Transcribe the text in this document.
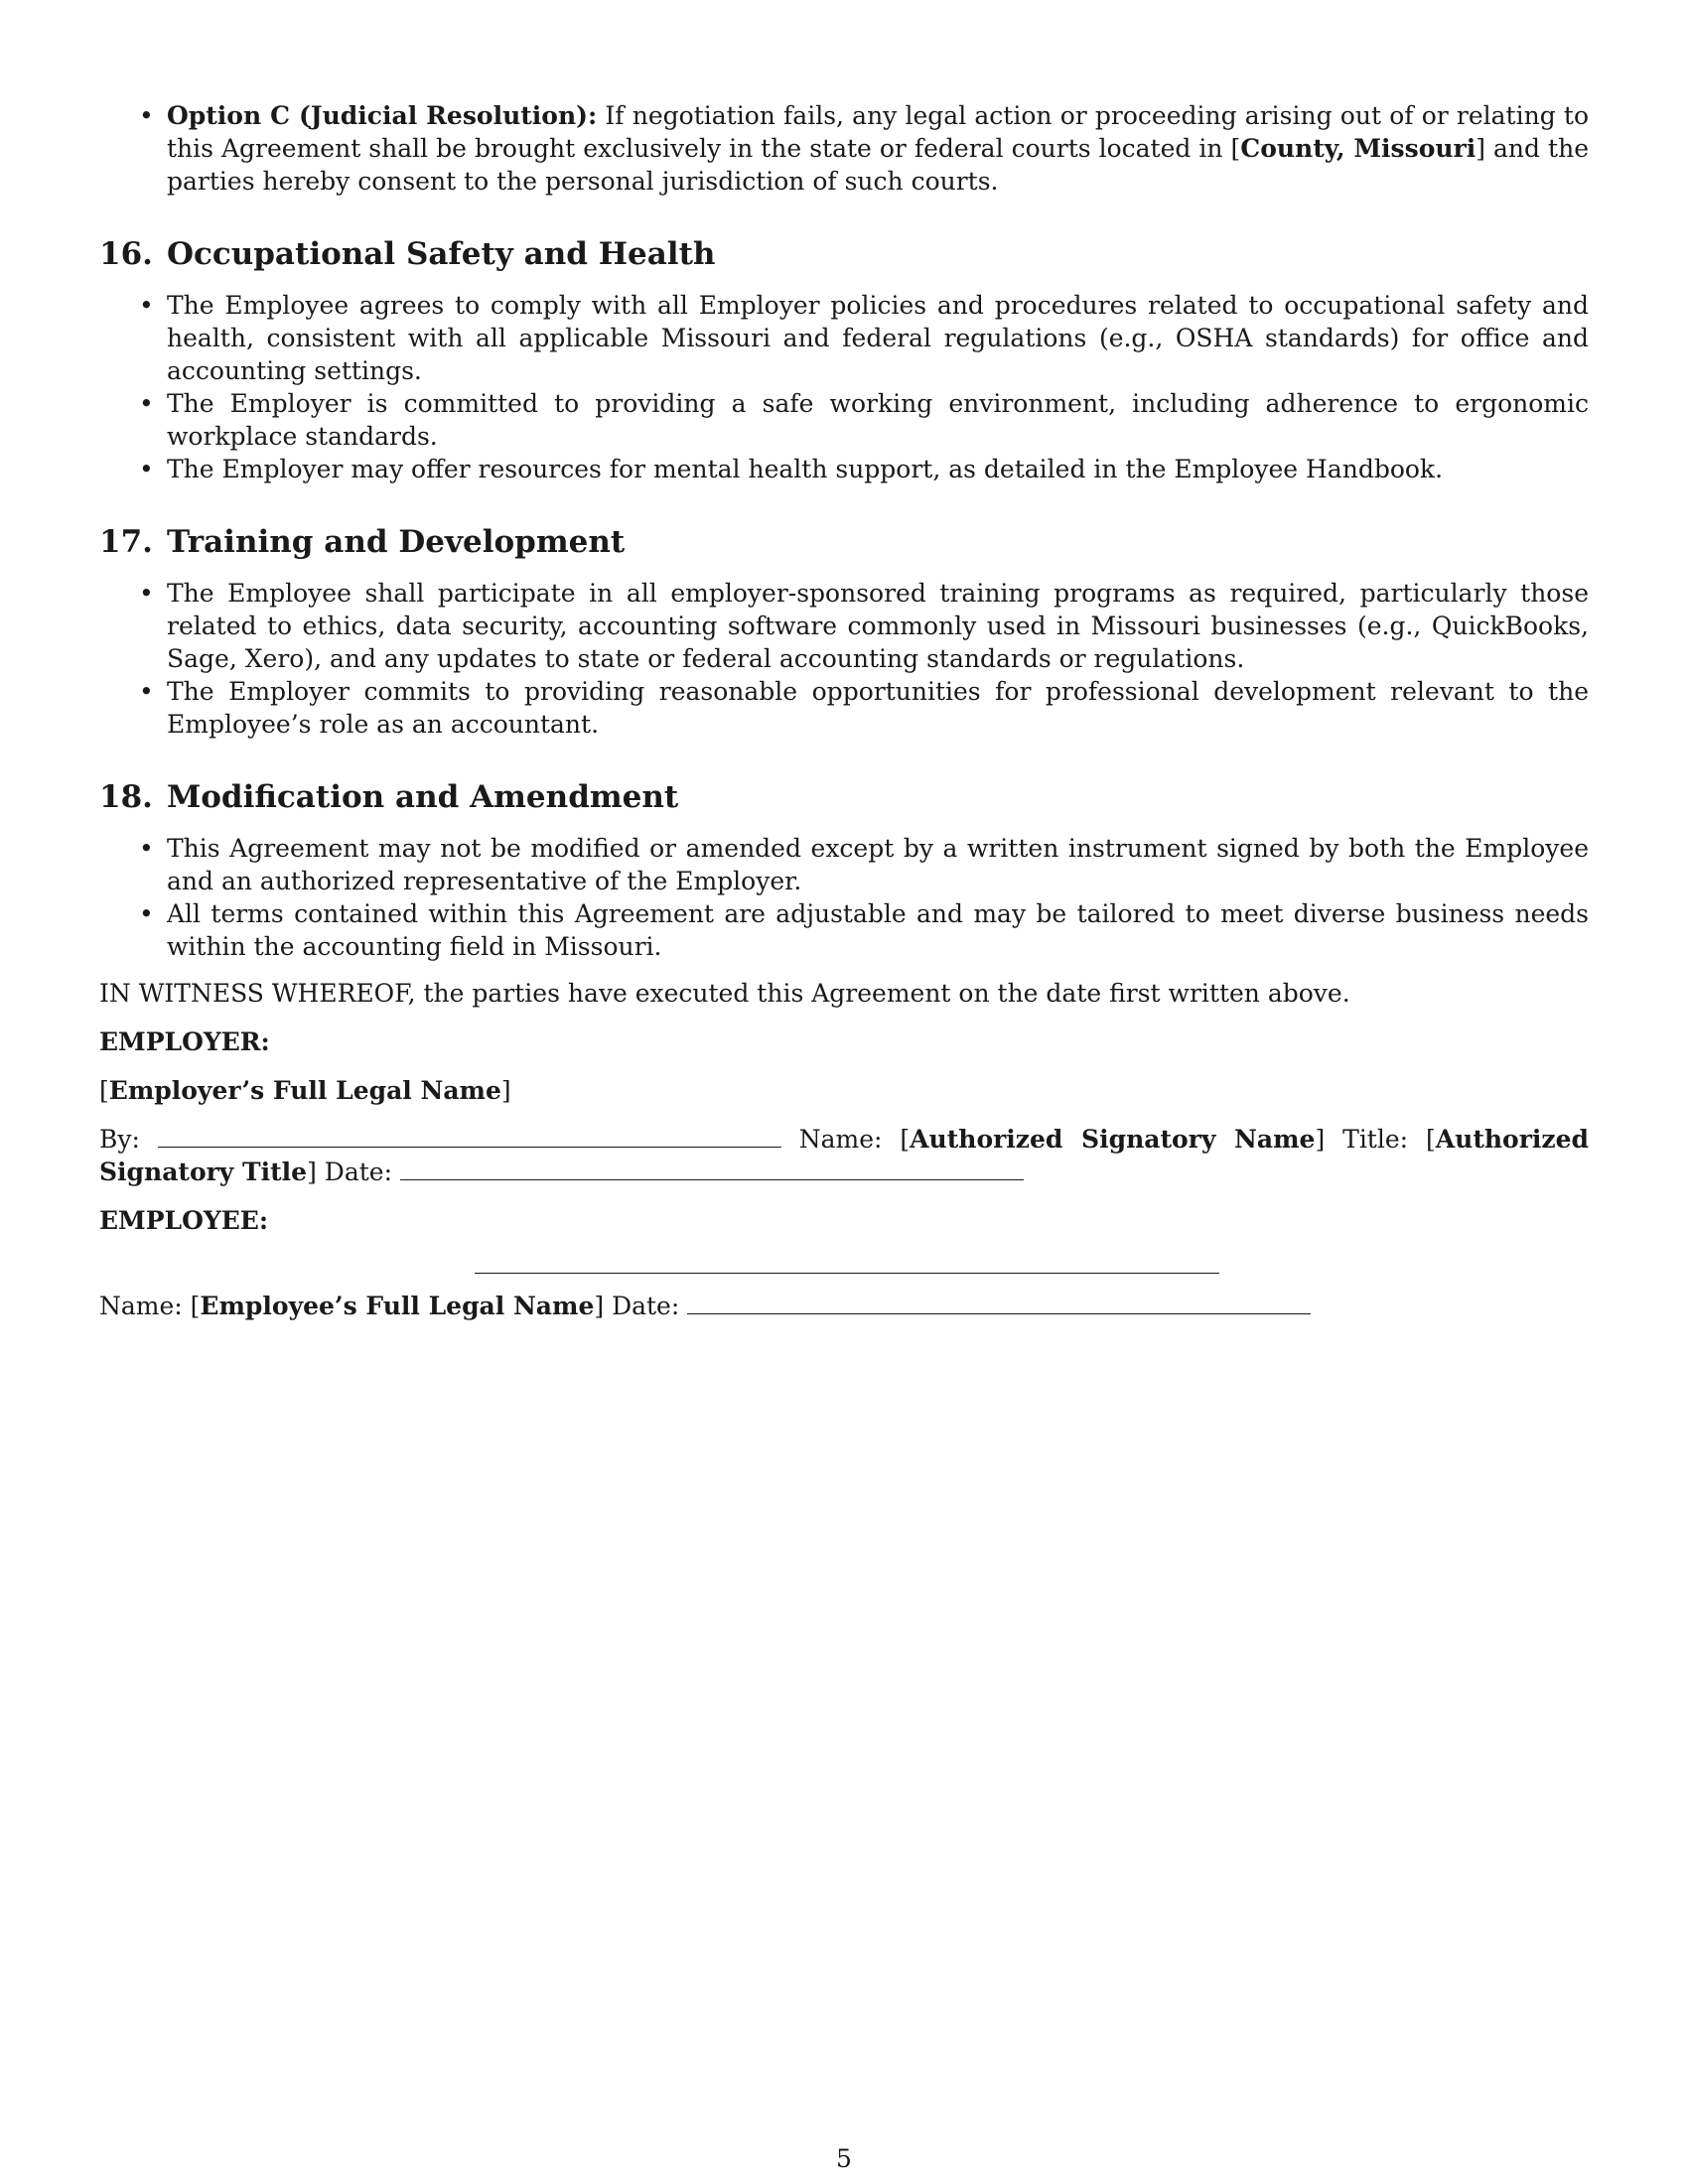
• Option C (Judicial Resolution): If negotiation fails, any legal action or proceeding arising out of or relating to this Agreement shall be brought exclusively in the state or federal courts located in [County, Missouri] and the parties hereby consent to the personal jurisdiction of such courts.
16. Occupational Safety and Health
• The Employee agrees to comply with all Employer policies and procedures related to occupational safety and health, consistent with all applicable Missouri and federal regulations (e.g., OSHA standards) for office and accounting settings.
• The Employer is committed to providing a safe working environment, including adherence to ergonomic workplace standards.
• The Employer may offer resources for mental health support, as detailed in the Employee Handbook.
17. Training and Development
• The Employee shall participate in all employer-sponsored training programs as required, particularly those related to ethics, data security, accounting software commonly used in Missouri businesses (e.g., QuickBooks, Sage, Xero), and any updates to state or federal accounting standards or regulations.
• The Employer commits to providing reasonable opportunities for professional development relevant to the Employee’s role as an accountant.
18. Modification and Amendment
• This Agreement may not be modified or amended except by a written instrument signed by both the Employee and an authorized representative of the Employer.
• All terms contained within this Agreement are adjustable and may be tailored to meet diverse business needs within the accounting field in Missouri.

IN WITNESS WHEREOF, the parties have executed this Agreement on the date first written above.

EMPLOYER:

[Employer’s Full Legal Name]

By:	Name: [Authorized Signatory Name] Title: [Authorized Signatory Title] Date:

EMPLOYEE:

Name: [Employee’s Full Legal Name] Date:

5
